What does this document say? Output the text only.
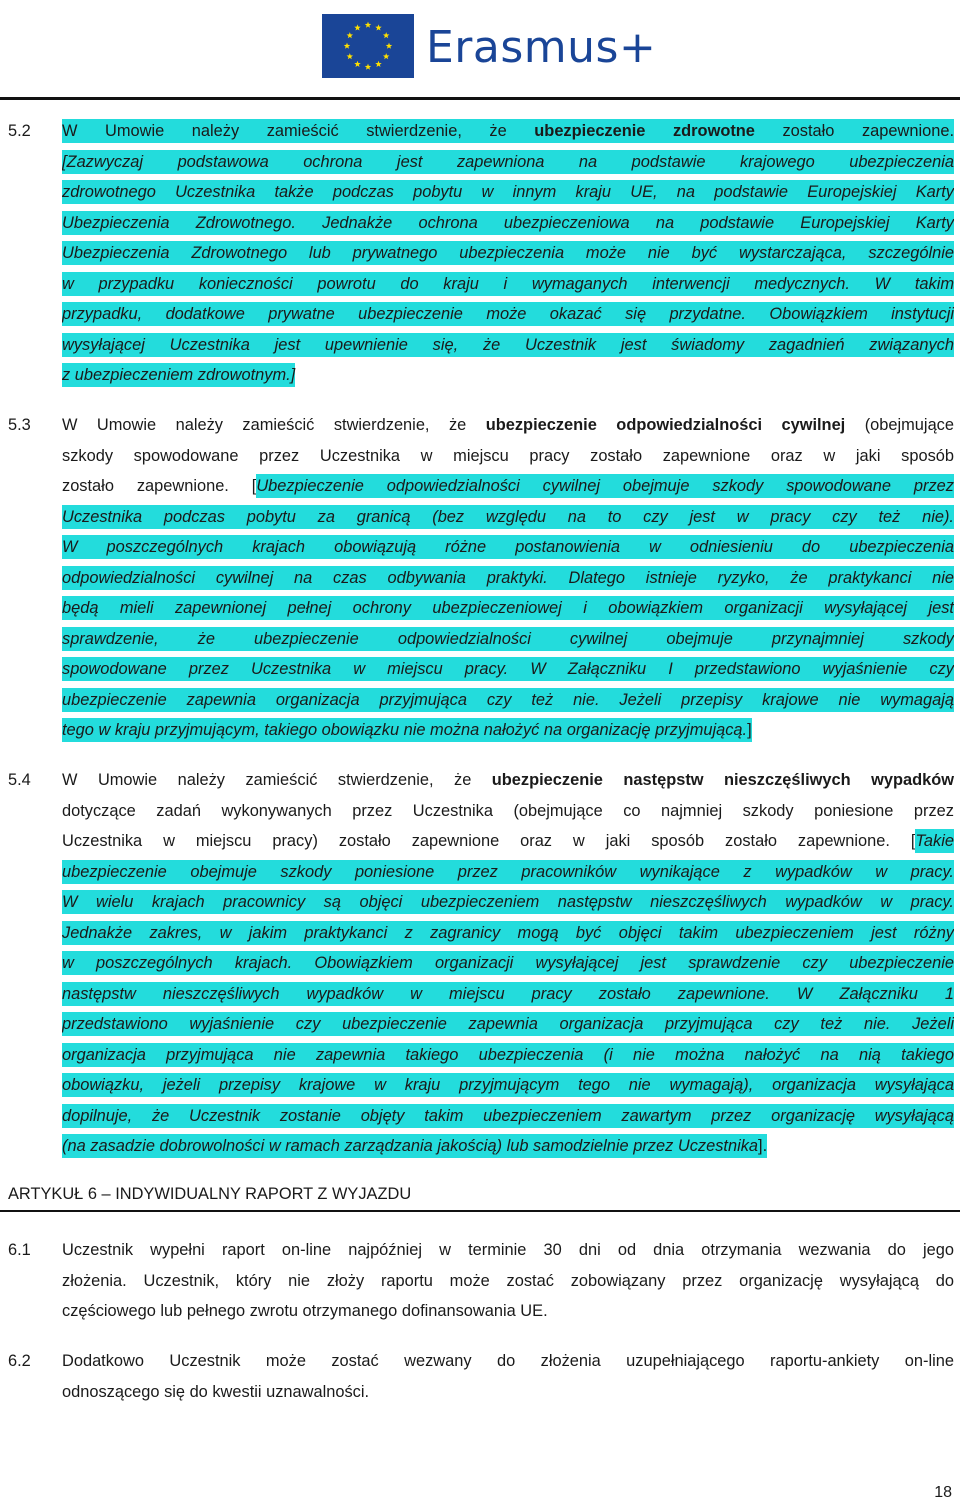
Erasmus+
5.2 W Umowie należy zamieścić stwierdzenie, że ubezpieczenie zdrowotne zostało zapewnione.
[Zazwyczaj podstawowa ochrona jest zapewniona na podstawie krajowego ubezpieczenia
zdrowotnego Uczestnika także podczas pobytu w innym kraju UE, na podstawie Europejskiej Karty
Ubezpieczenia Zdrowotnego. Jednakże ochrona ubezpieczeniowa na podstawie Europejskiej Karty
Ubezpieczenia Zdrowotnego lub prywatnego ubezpieczenia może nie być wystarczająca, szczególnie
w przypadku konieczności powrotu do kraju i wymaganych interwencji medycznych. W takim
przypadku, dodatkowe prywatne ubezpieczenie może okazać się przydatne. Obowiązkiem instytucji
wysyłającej Uczestnika jest upewnienie się, że Uczestnik jest świadomy zagadnień związanych
z ubezpieczeniem zdrowotnym.]
5.3 W Umowie należy zamieścić stwierdzenie, że ubezpieczenie odpowiedzialności cywilnej (obejmujące
szkody spowodowane przez Uczestnika w miejscu pracy zostało zapewnione oraz w jaki sposób
zostało zapewnione. [Ubezpieczenie odpowiedzialności cywilnej obejmuje szkody spowodowane przez
Uczestnika podczas pobytu za granicą (bez względu na to czy jest w pracy czy też nie).
W poszczególnych krajach obowiązują różne postanowienia w odniesieniu do ubezpieczenia
odpowiedzialności cywilnej na czas odbywania praktyki. Dlatego istnieje ryzyko, że praktykanci nie
będą mieli zapewnionej pełnej ochrony ubezpieczeniowej i obowiązkiem organizacji wysyłającej jest
sprawdzenie, że ubezpieczenie odpowiedzialności cywilnej obejmuje przynajmniej szkody
spowodowane przez Uczestnika w miejscu pracy. W Załączniku I przedstawiono wyjaśnienie czy
ubezpieczenie zapewnia organizacja przyjmująca czy też nie. Jeżeli przepisy krajowe nie wymagają
tego w kraju przyjmującym, takiego obowiązku nie można nałożyć na organizację przyjmującą.]
5.4 W Umowie należy zamieścić stwierdzenie, że ubezpieczenie następstw nieszczęśliwych wypadków
dotyczące zadań wykonywanych przez Uczestnika (obejmujące co najmniej szkody poniesione przez
Uczestnika w miejscu pracy) zostało zapewnione oraz w jaki sposób zostało zapewnione. [Takie
ubezpieczenie obejmuje szkody poniesione przez pracowników wynikające z wypadków w pracy.
W wielu krajach pracownicy są objęci ubezpieczeniem następstw nieszczęśliwych wypadków w pracy.
Jednakże zakres, w jakim praktykanci z zagranicy mogą być objęci takim ubezpieczeniem jest różny
w poszczególnych krajach. Obowiązkiem organizacji wysyłającej jest sprawdzenie czy ubezpieczenie
następstw nieszczęśliwych wypadków w miejscu pracy zostało zapewnione. W Załączniku 1
przedstawiono wyjaśnienie czy ubezpieczenie zapewnia organizacja przyjmująca czy też nie. Jeżeli
organizacja przyjmująca nie zapewnia takiego ubezpieczenia (i nie można nałożyć na nią takiego
obowiązku, jeżeli przepisy krajowe w kraju przyjmującym tego nie wymagają), organizacja wysyłająca
dopilnuje, że Uczestnik zostanie objęty takim ubezpieczeniem zawartym przez organizację wysyłającą
(na zasadzie dobrowolności w ramach zarządzania jakością) lub samodzielnie przez Uczestnika].
ARTYKUŁ 6 – INDYWIDUALNY RAPORT Z WYJAZDU
6.1 Uczestnik wypełni raport on-line najpóźniej w terminie 30 dni od dnia otrzymania wezwania do jego
złożenia. Uczestnik, który nie złoży raportu może zostać zobowiązany przez organizację wysyłającą do
częściowego lub pełnego zwrotu otrzymanego dofinansowania UE.
6.2 Dodatkowo Uczestnik może zostać wezwany do złożenia uzupełniającego raportu-ankiety on-line
odnoszącego się do kwestii uznawalności.
18
